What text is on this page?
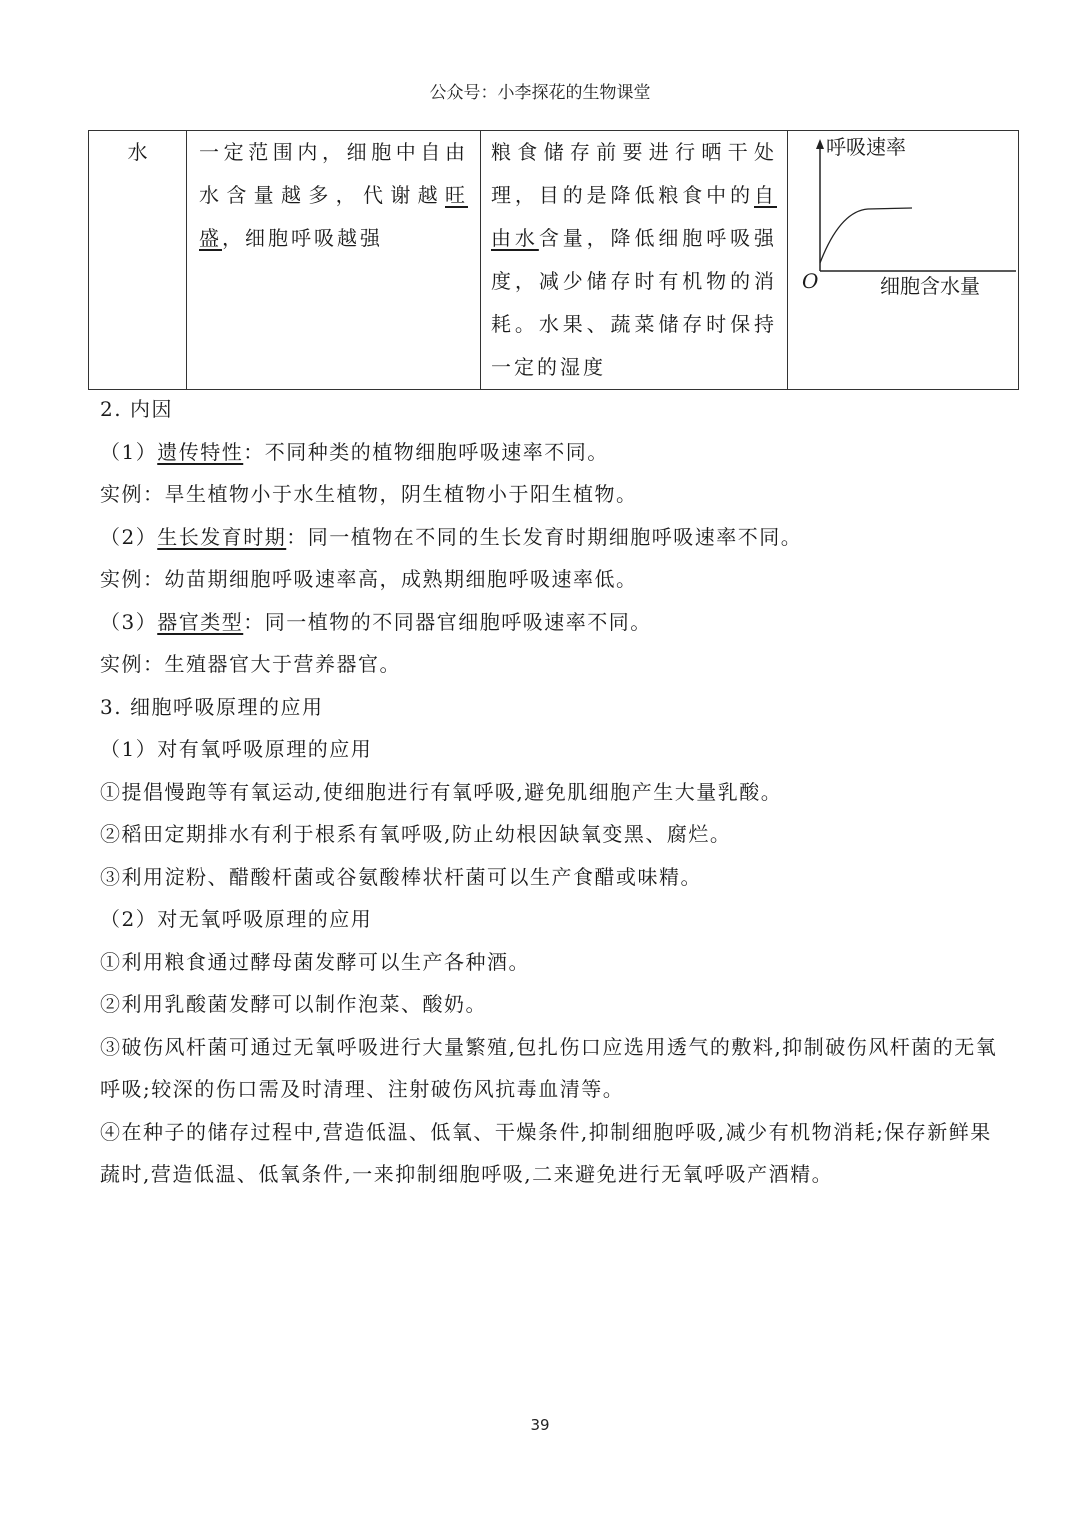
公众号：小李探花的生物课堂
水	一定范围内，细胞中自由水含量越多，代谢越旺盛，细胞呼吸越强	粮食储存前要进行晒干处理，目的是降低粮食中的自由水含量，降低细胞呼吸强度，减少储存时有机物的消耗。水果、蔬菜储存时保持一定的湿度	
呼吸速率
O	细胞含水量

2. 内因

（1）遗传特性：不同种类的植物细胞呼吸速率不同。

实例：旱生植物小于水生植物，阴生植物小于阳生植物。

（2）生长发育时期：同一植物在不同的生长发育时期细胞呼吸速率不同。

实例：幼苗期细胞呼吸速率高，成熟期细胞呼吸速率低。

（3）器官类型：同一植物的不同器官细胞呼吸速率不同。

实例：生殖器官大于营养器官。

3. 细胞呼吸原理的应用

（1）对有氧呼吸原理的应用

①提倡慢跑等有氧运动,使细胞进行有氧呼吸,避免肌细胞产生大量乳酸。

②稻田定期排水有利于根系有氧呼吸,防止幼根因缺氧变黑、腐烂。

③利用淀粉、醋酸杆菌或谷氨酸棒状杆菌可以生产食醋或味精。

（2）对无氧呼吸原理的应用

①利用粮食通过酵母菌发酵可以生产各种酒。

②利用乳酸菌发酵可以制作泡菜、酸奶。

③破伤风杆菌可通过无氧呼吸进行大量繁殖,包扎伤口应选用透气的敷料,抑制破伤风杆菌的无氧呼吸;较深的伤口需及时清理、注射破伤风抗毒血清等。

④在种子的储存过程中,营造低温、低氧、干燥条件,抑制细胞呼吸,减少有机物消耗;保存新鲜果蔬时,营造低温、低氧条件,一来抑制细胞呼吸,二来避免进行无氧呼吸产酒精。

39
